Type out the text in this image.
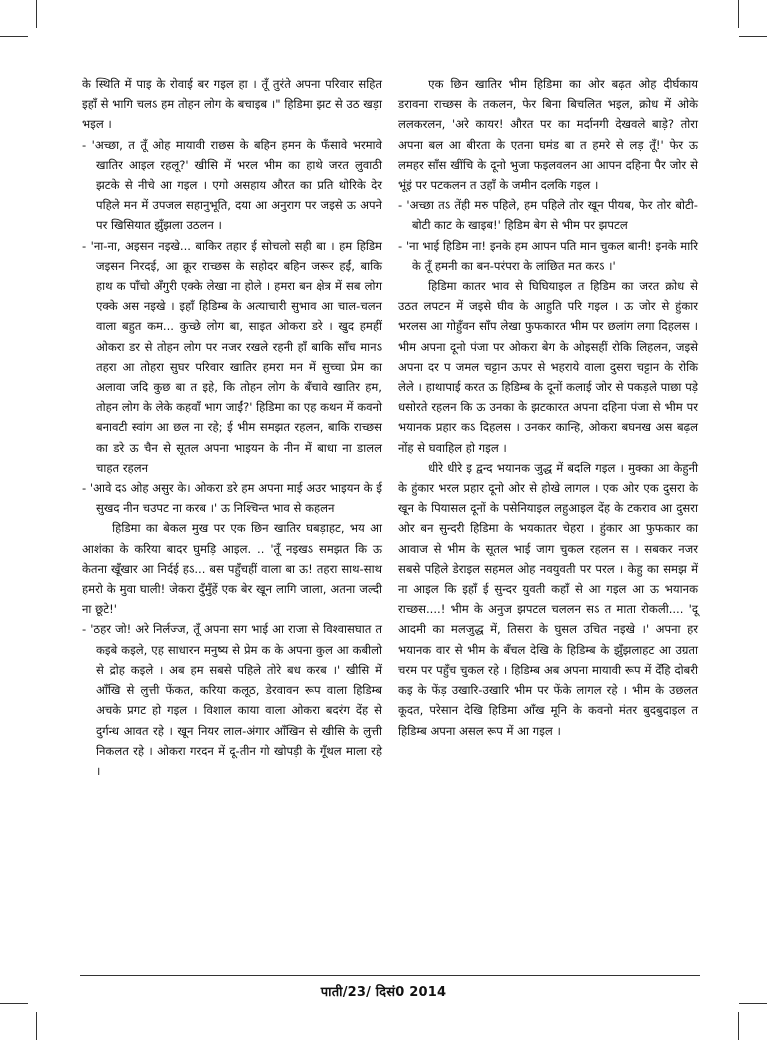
के स्थिति में पाइ के रोवाई बर गइल हा । तूँ तुरंते अपना परिवार सहित इहाँ से भागि चलऽ हम तोहन लोग के बचाइब ।" हिडिमा झट से उठ खड़ा भइल ।

- 'अच्छा, त तूँ ओह मायावी राछस के बहिन हमन के फँसावे भरमावे खातिर आइल रहलू?' खीसि में भरल भीम का हाथे जरत लुवाठी झटके से नीचे आ गइल । एगो असहाय औरत का प्रति थोरिके देर पहिले मन में उपजल सहानुभूति, दया आ अनुराग पर जइसे ऊ अपने पर खिसियात झुँझला उठलन ।

- 'ना-ना, अइसन नइखे... बाकिर तहार ई सोचलो सही बा । हम हिडिम जइसन निरदई, आ क्रूर राच्छस के सहोदर बहिन जरूर हईं, बाकि हाथ क पाँचो अँगुरी एक्के लेखा ना होले । हमरा बन क्षेत्र में सब लोग एक्के अस नइखे । इहाँ हिडिम्ब के अत्याचारी सुभाव आ चाल-चलन वाला बहुत कम... कुच्छे लोग बा, साइत ओकरा डरे । खुद हमहीं ओकरा डर से तोहन लोग पर नजर रखले रहनी हाँ बाकि साँच मानऽ तहरा आ तोहरा सुघर परिवार खातिर हमरा मन में सुच्चा प्रेम का अलावा जदि कुछ बा त इहे, कि तोहन लोग के बँचावे खातिर हम, तोहन लोग के लेके कहवाँ भाग जाईं?' हिडिमा का एह कथन में कवनो बनावटी स्वांग आ छल ना रहे; ई भीम समझत रहलन, बाकि राच्छस का डरे ऊ चैन से सूतल अपना भाइयन के नीन में बाधा ना डालल चाहत रहलन

- 'आवे दऽ ओह असुर के। ओकरा डरे हम अपना माई अउर भाइयन के ई सुखद नीन चउपट ना करब ।' ऊ निश्चिन्त भाव से कहलन

हिडिमा का बेकल मुख पर एक छिन खातिर घबड़ाहट, भय आ आशंका के करिया बादर घुमड़ि आइल. .. 'तूँ नइखऽ समझत कि ऊ केतना खूँखार आ निर्दई हऽ... बस पहुँचहीं वाला बा ऊ! तहरा साथ-साथ हमरो के मुवा घाली! जेकरा दुँमुँहें एक बेर खून लागि जाला, अतना जल्दी ना छूटे!'

- 'ठहर जो! अरे निर्लज्ज, तूँ अपना सग भाई आ राजा से विश्वासघात त कइबे कइले, एह साधारन मनुष्य से प्रेम क के अपना कुल आ कबीलो से द्रोह कइले । अब हम सबसे पहिले तोरे बध करब ।' खीसि में आँखि से लुत्ती फेंकत, करिया कलूठ, डेरवावन रूप वाला हिडिम्ब अचके प्रगट हो गइल । विशाल काया वाला ओकरा बदरंग देंह से दुर्गन्ध आवत रहे । खून नियर लाल-अंगार आँखिन से खीसि के लुत्ती निकलत रहे । ओकरा गरदन में दू-तीन गो खोपड़ी के गूँथल माला रहे ।

एक छिन खातिर भीम हिडिमा का ओर बढ़त ओह दीर्घकाय डरावना राच्छस के तकलन, फेर बिना बिचलित भइल, क्रोध में ओके ललकरलन, 'अरे कायर! औरत पर का मर्दानगी देखवले बाड़े? तोरा अपना बल आ बीरता के एतना घमंड बा त हमरे से लड़ तूँ!' फेर ऊ लमहर साँस खींचि के दूनो भुजा फइलवलन आ आपन दहिना पैर जोर से भूंइं पर पटकलन त उहाँ के जमीन दलकि गइल ।

- 'अच्छा तऽ तेंही मरु पहिले, हम पहिले तोर खून पीयब, फेर तोर बोटी-बोटी काट के खाइब!' हिडिम बेग से भीम पर झपटल

- 'ना भाई हिडिम ना! इनके हम आपन पति मान चुकल बानी! इनके मारि के तूँ हमनी का बन-परंपरा के लांछित मत करऽ ।'

हिडिमा कातर भाव से घिघियाइल त हिडिम का जरत क्रोध से उठत लपटन में जइसे घीव के आहुति परि गइल । ऊ जोर से हुंकार भरलस आ गोहुँवन साँप लेखा फुफकारत भीम पर छलांग लगा दिहलस । भीम अपना दूनो पंजा पर ओकरा बेग के ओइसहीं रोकि लिहलन, जइसे अपना दर प जमल चट्टान ऊपर से भहराये वाला दुसरा चट्टान के रोकि लेले । हाथापाई करत ऊ हिडिम्ब के दूनों कलाई जोर से पकड़ले पाछा पड़े धसोरते रहलन कि ऊ उनका के झटकारत अपना दहिना पंजा से भीम पर भयानक प्रहार कऽ दिहलस । उनकर कान्हि, ओकरा बघनख अस बढ़ल नोंह से घवाहिल हो गइल ।

धीरे धीरे इ द्वन्द भयानक जुद्ध में बदलि गइल । मुक्का आ केहुनी के हुंकार भरल प्रहार दूनो ओर से होखे लागल । एक ओर एक दुसरा के खून के पियासल दूनों के पसेनियाइल लहुआइल देंह के टकराव आ दुसरा ओर बन सुन्दरी हिडिमा के भयकातर चेहरा । हुंकार आ फुफकार का आवाज से भीम के सूतल भाई जाग चुकल रहलन स । सबकर नजर सबसे पहिले डेराइल सहमल ओह नवयुवती पर परल । केहु का समझ में ना आइल कि इहाँ ई सुन्दर युवती कहाँ से आ गइल आ ऊ भयानक राच्छस....! भीम के अनुज झपटल चललन सऽ त माता रोकली.... 'दू आदमी का मलजुद्ध में, तिसरा के घुसल उचित नइखे ।' अपना हर भयानक वार से भीम के बँचल देखि के हिडिम्ब के झुँझलाहट आ उग्रता चरम पर पहुँच चुकल रहे । हिडिम्ब अब अपना मायावी रूप में देँहि दोबरी कइ के फेंड़ उखारि-उखारि भीम पर फेंके लागल रहे । भीम के उछलत कूदत, परेसान देखि हिडिमा आँख मूनि के कवनो मंतर बुदबुदाइल त हिडिम्ब अपना असल रूप में आ गइल ।

पाती/23/ दिसं0 2014
